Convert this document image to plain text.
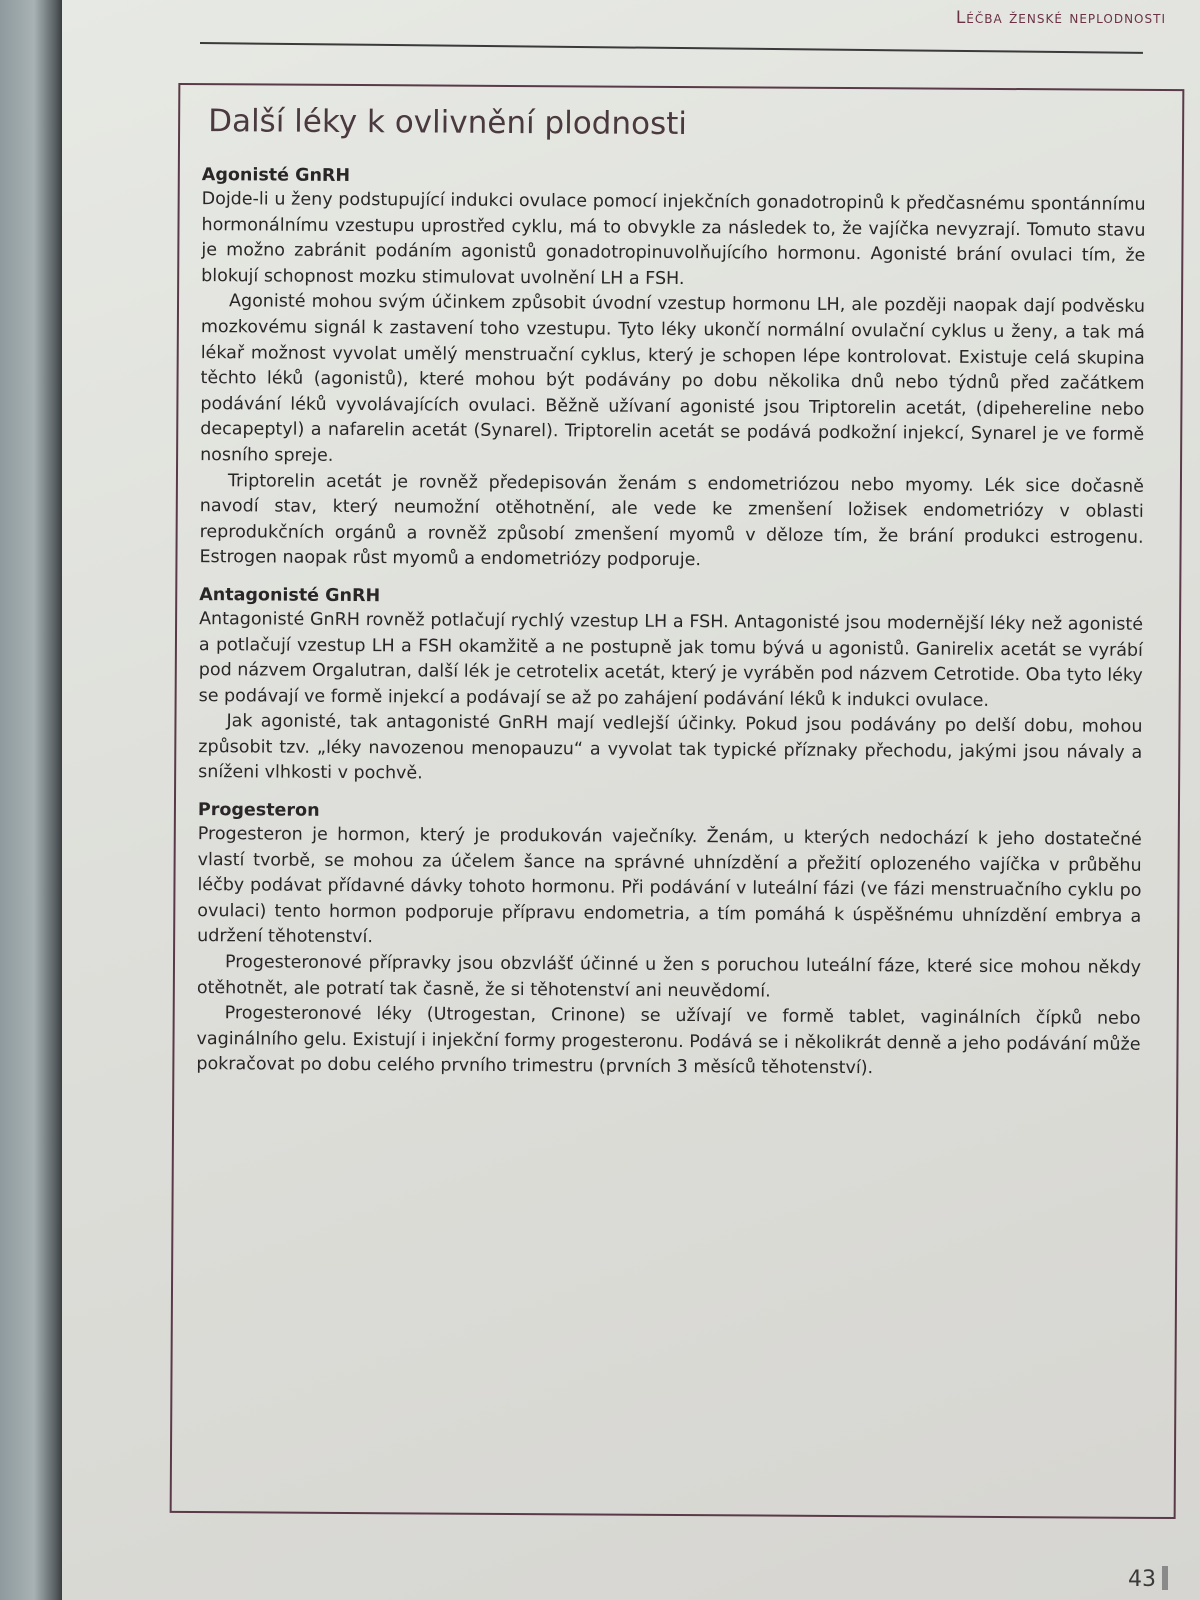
Léčba ženské neplodnosti
Další léky k ovlivnění plodnosti
Agonisté GnRH

Dojde-li u ženy podstupující indukci ovulace pomocí injekčních gonadotropinů k předčasnému spontánnímu hormonálnímu vzestupu uprostřed cyklu, má to obvykle za následek to, že vajíčka nevyzrají. Tomuto stavu je možno zabránit podáním agonistů gonadotropinuvolňujícího hormonu. Agonisté brání ovulaci tím, že blokují schopnost mozku stimulovat uvolnění LH a FSH.

Agonisté mohou svým účinkem způsobit úvodní vzestup hormonu LH, ale později naopak dají podvěsku mozkovému signál k zastavení toho vzestupu. Tyto léky ukončí normální ovulační cyklus u ženy, a tak má lékař možnost vyvolat umělý menstruační cyklus, který je schopen lépe kontrolovat. Existuje celá skupina těchto léků (agonistů), které mohou být podávány po dobu několika dnů nebo týdnů před začátkem podávání léků vyvolávajících ovulaci. Běžně užívaní agonisté jsou Triptorelin acetát, (dipehereline nebo decapeptyl) a nafarelin acetát (Synarel). Triptorelin acetát se podává podkožní injekcí, Synarel je ve formě nosního spreje.

Triptorelin acetát je rovněž předepisován ženám s endometriózou nebo myomy. Lék sice dočasně navodí stav, který neumožní otěhotnění, ale vede ke zmenšení ložisek endometriózy v oblasti reprodukčních orgánů a rovněž způsobí zmenšení myomů v děloze tím, že brání produkci estrogenu. Estrogen naopak růst myomů a endometriózy podporuje.

Antagonisté GnRH

Antagonisté GnRH rovněž potlačují rychlý vzestup LH a FSH. Antagonisté jsou modernější léky než agonisté a potlačují vzestup LH a FSH okamžitě a ne postupně jak tomu bývá u agonistů. Ganirelix acetát se vyrábí pod názvem Orgalutran, další lék je cetrotelix acetát, který je vyráběn pod názvem Cetrotide. Oba tyto léky se podávají ve formě injekcí a podávají se až po zahájení podávání léků k indukci ovulace.

Jak agonisté, tak antagonisté GnRH mají vedlejší účinky. Pokud jsou podávány po delší dobu, mohou způsobit tzv. „léky navozenou menopauzu“ a vyvolat tak typické příznaky přechodu, jakými jsou návaly a sníženi vlhkosti v pochvě.

Progesteron

Progesteron je hormon, který je produkován vaječníky. Ženám, u kterých nedochází k jeho dostatečné vlastí tvorbě, se mohou za účelem šance na správné uhnízdění a přežití oplozeného vajíčka v průběhu léčby podávat přídavné dávky tohoto hormonu. Při podávání v luteální fázi (ve fázi menstruačního cyklu po ovulaci) tento hormon podporuje přípravu endometria, a tím pomáhá k úspěšnému uhnízdění embrya a udržení těhotenství.

Progesteronové přípravky jsou obzvlášť účinné u žen s poruchou luteální fáze, které sice mohou někdy otěhotnět, ale potratí tak časně, že si těhotenství ani neuvědomí.

Progesteronové léky (Utrogestan, Crinone) se užívají ve formě tablet, vaginálních čípků nebo vaginálního gelu. Existují i injekční formy progesteronu. Podává se i několikrát denně a jeho podávání může pokračovat po dobu celého prvního trimestru (prvních 3 měsíců těhotenství).

43
